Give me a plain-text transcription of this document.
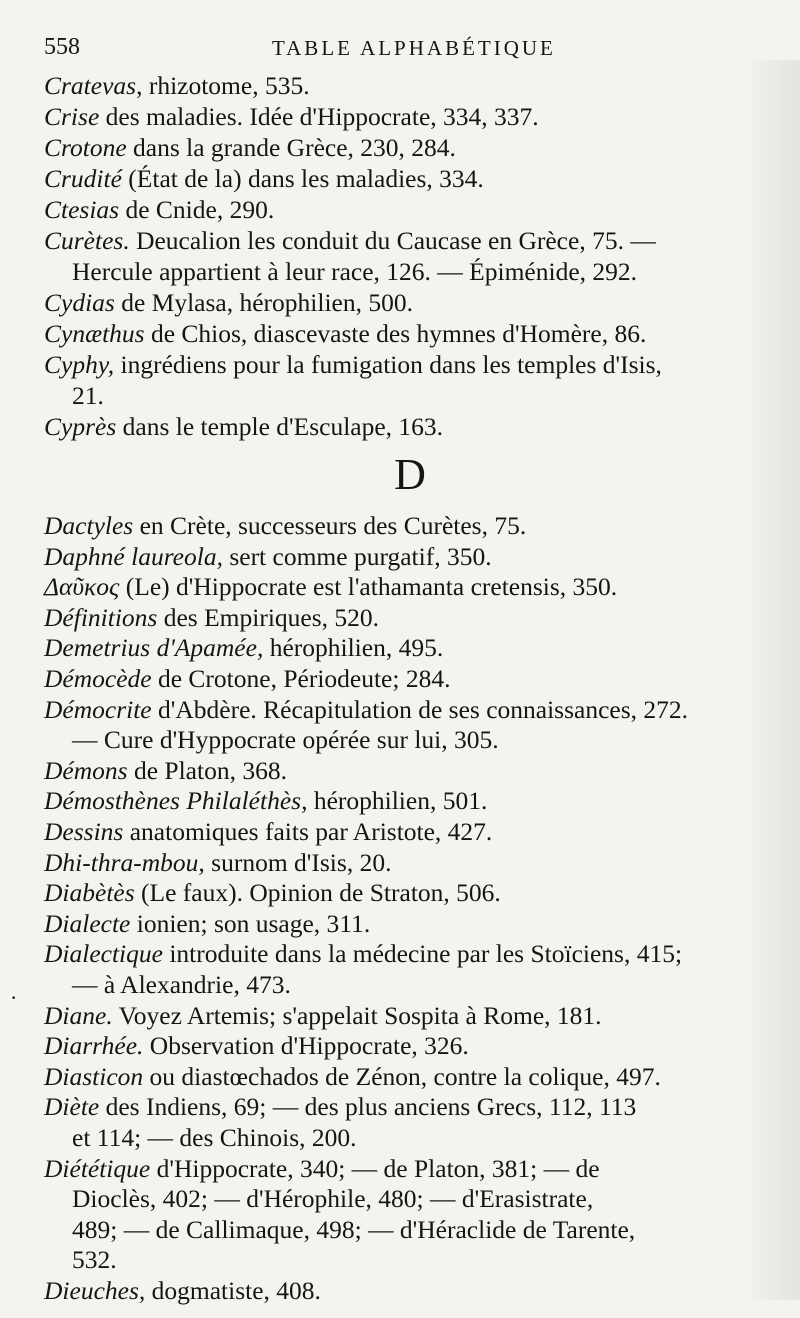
558	TABLE ALPHABÉTIQUE
Cratevas, rhizotome, 535.
Crise des maladies. Idée d'Hippocrate, 334, 337.
Crotone dans la grande Grèce, 230, 284.
Crudité (État de la) dans les maladies, 334.
Ctesias de Cnide, 290.
Curètes. Deucalion les conduit du Caucase en Grèce, 75. —
Hercule appartient à leur race, 126. — Épiménide, 292.
Cydias de Mylasa, hérophilien, 500.
Cynæthus de Chios, diascevaste des hymnes d'Homère, 86.
Cyphy, ingrédiens pour la fumigation dans les temples d'Isis,
21.
Cyprès dans le temple d'Esculape, 163.
D
Dactyles en Crète, successeurs des Curètes, 75.
Daphné laureola, sert comme purgatif, 350.
Δαῦκος (Le) d'Hippocrate est l'athamanta cretensis, 350.
Définitions des Empiriques, 520.
Demetrius d'Apamée, hérophilien, 495.
Démocède de Crotone, Périodeute; 284.
Démocrite d'Abdère. Récapitulation de ses connaissances, 272.
— Cure d'Hyppocrate opérée sur lui, 305.
Démons de Platon, 368.
Démosthènes Philaléthès, hérophilien, 501.
Dessins anatomiques faits par Aristote, 427.
Dhi-thra-mbou, surnom d'Isis, 20.
Diabètès (Le faux). Opinion de Straton, 506.
Dialecte ionien; son usage, 311.
Dialectique introduite dans la médecine par les Stoïciens, 415;
— à Alexandrie, 473.
Diane. Voyez Artemis; s'appelait Sospita à Rome, 181.
Diarrhée. Observation d'Hippocrate, 326.
Diasticon ou diastœchados de Zénon, contre la colique, 497.
Diète des Indiens, 69; — des plus anciens Grecs, 112, 113
et 114; — des Chinois, 200.
Diététique d'Hippocrate, 340; — de Platon, 381; — de
Dioclès, 402; — d'Hérophile, 480; — d'Erasistrate,
489; — de Callimaque, 498; — d'Héraclide de Tarente,
532.
Dieuches, dogmatiste, 408.
·
